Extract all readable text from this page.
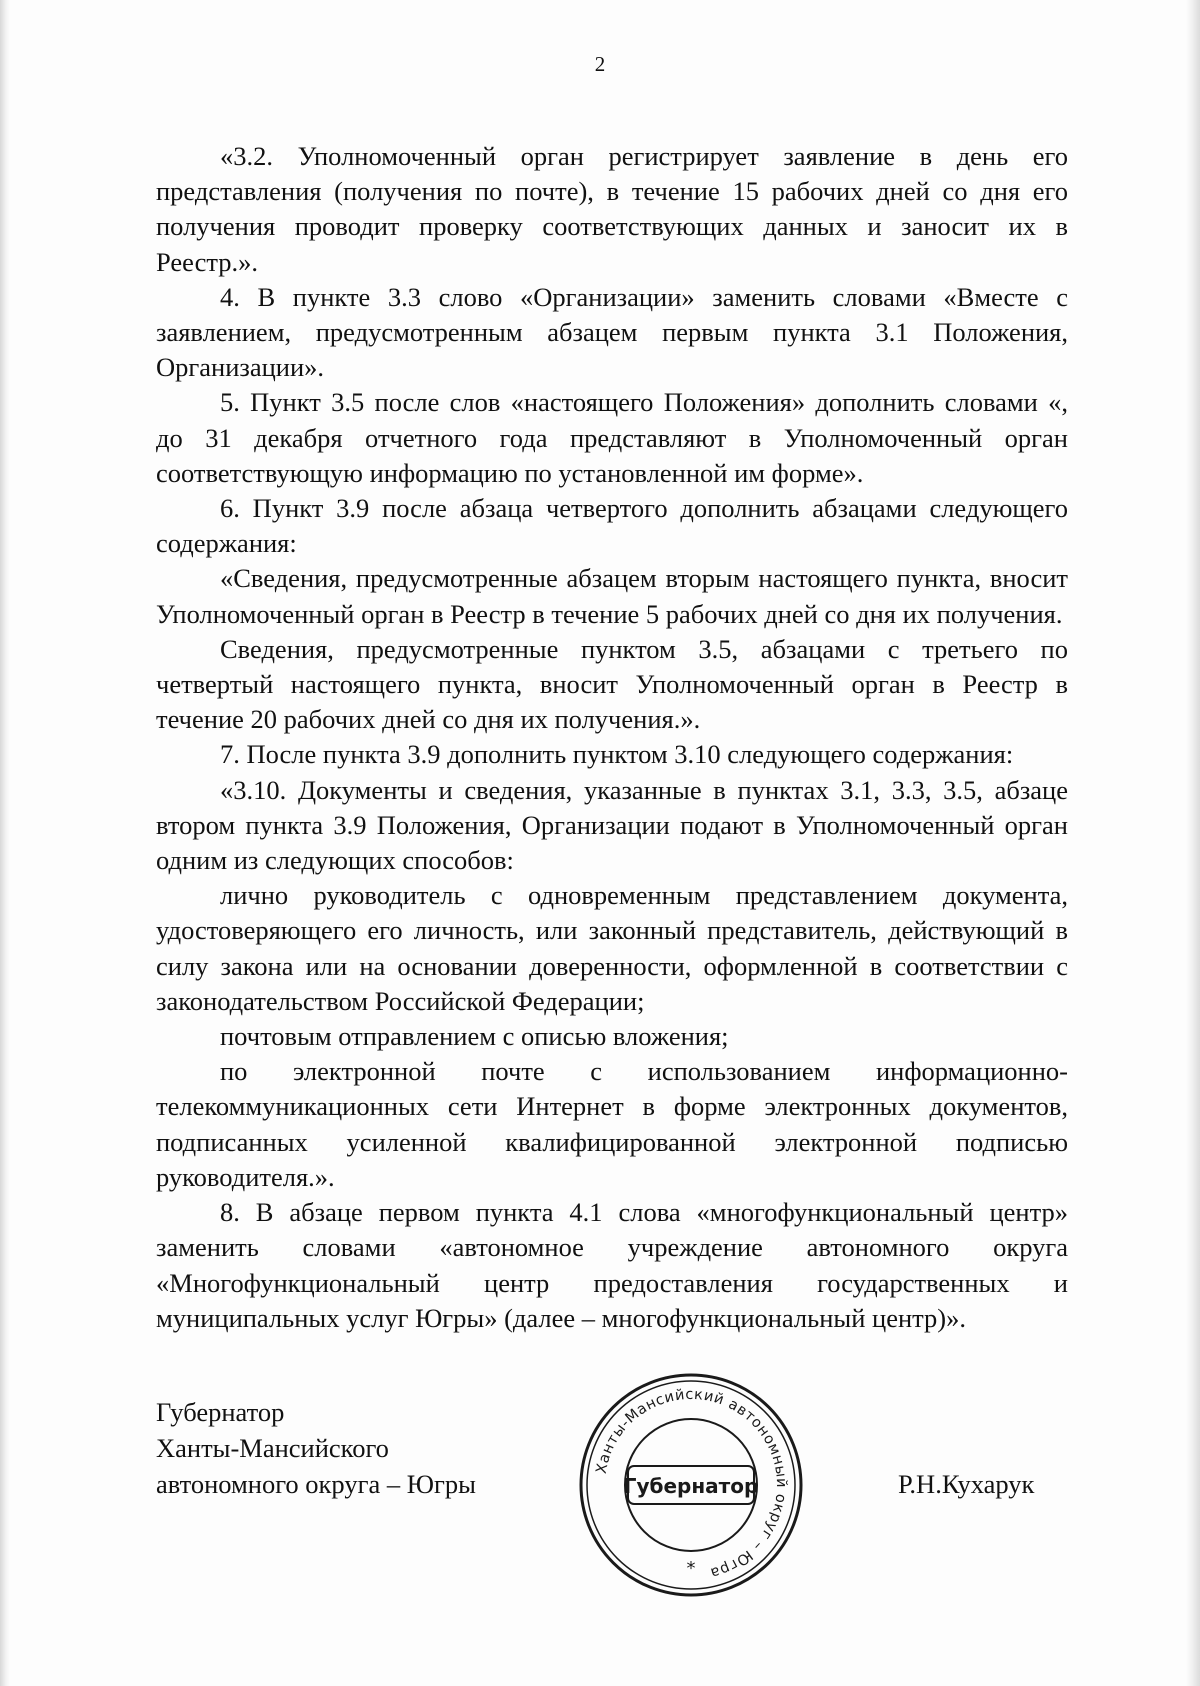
2

«3.2. Уполномоченный орган регистрирует заявление в день его представления (получения по почте), в течение 15 рабочих дней со дня его получения проводит проверку соответствующих данных и заносит их в Реестр.».

4. В пункте 3.3 слово «Организации» заменить словами «Вместе с заявлением, предусмотренным абзацем первым пункта 3.1 Положения, Организации».

5. Пункт 3.5 после слов «настоящего Положения» дополнить словами «, до 31 декабря отчетного года представляют в Уполномоченный орган соответствующую информацию по установленной им форме».

6. Пункт 3.9 после абзаца четвертого дополнить абзацами следующего содержания:

«Сведения, предусмотренные абзацем вторым настоящего пункта, вносит Уполномоченный орган в Реестр в течение 5 рабочих дней со дня их получения.

Сведения, предусмотренные пунктом 3.5, абзацами с третьего по четвертый настоящего пункта, вносит Уполномоченный орган в Реестр в течение 20 рабочих дней со дня их получения.».

7. После пункта 3.9 дополнить пунктом 3.10 следующего содержания:

«3.10. Документы и сведения, указанные в пунктах 3.1, 3.3, 3.5, абзаце втором пункта 3.9 Положения, Организации подают в Уполномоченный орган одним из следующих способов:

лично руководитель с одновременным представлением документа, удостоверяющего его личность, или законный представитель, действующий в силу закона или на основании доверенности, оформленной в соответствии с законодательством Российской Федерации;

почтовым отправлением с описью вложения;

по электронной почте с использованием информационно-телекоммуникационных сети Интернет в форме электронных документов, подписанных усиленной квалифицированной электронной подписью руководителя.».

8. В абзаце первом пункта 4.1 слова «многофункциональный центр» заменить словами «автономное учреждение автономного округа «Многофункциональный центр предоставления государственных и муниципальных услуг Югры» (далее – многофункциональный центр)».

Губернатор
Ханты-Мансийского
автономного округа – Югры
Ханты-Мансийский автономный округ – Югра
Губернатор
*
Р.Н.Кухарук
